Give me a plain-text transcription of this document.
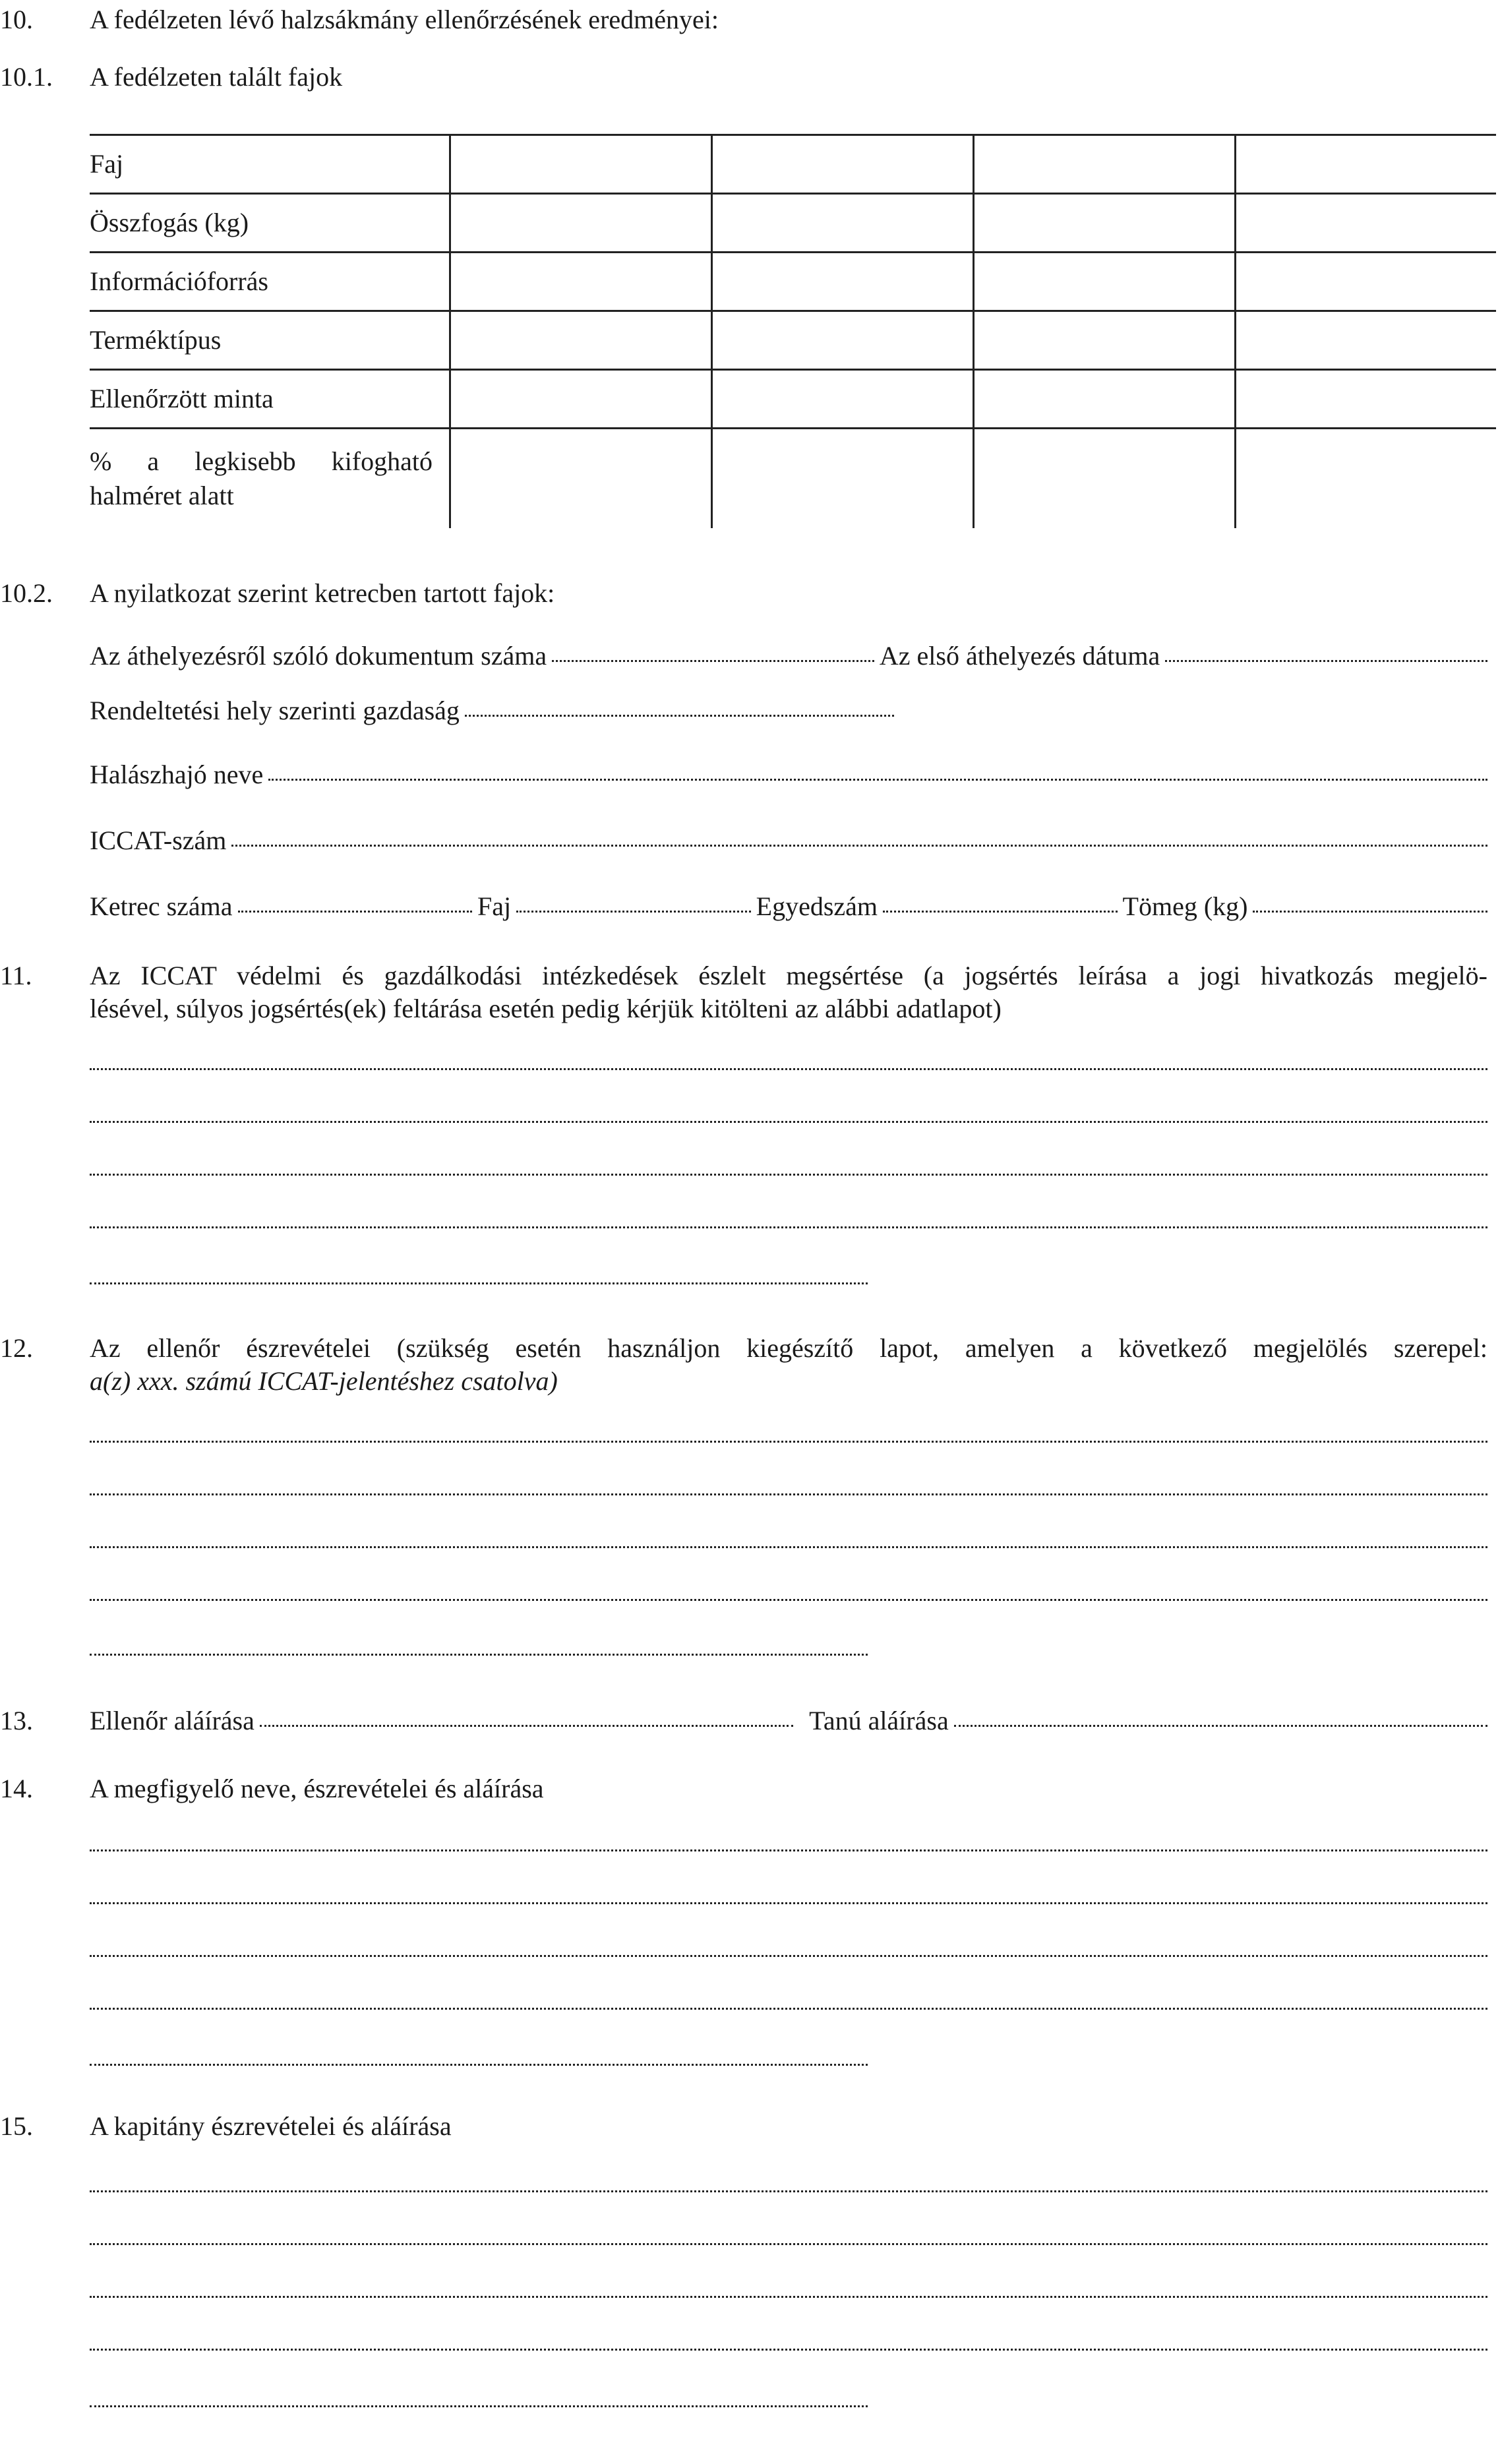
10. A fedélzeten lévő halzsákmány ellenőrzésének eredményei:
10.1. A fedélzeten talált fajok
Faj				
Összfogás (kg)				
Információforrás				
Terméktípus				
Ellenőrzött minta				

% a legkisebb kifogható
halméret alatt				

10.2. A nyilatkozat szerint ketrecben tartott fajok:
Az áthelyezésről szóló dokumentum száma	Az első áthelyezés dátuma
Rendeltetési hely szerinti gazdaság
Halászhajó neve
ICCAT-szám
Ketrec száma	Faj	Egyedszám	Tömeg (kg)
11. Az ICCAT védelmi és gazdálkodási intézkedések észlelt megsértése (a jogsértés leírása a jogi hivatkozás megjelö-
lésével, súlyos jogsértés(ek) feltárása esetén pedig kérjük kitölteni az alábbi adatlapot)
12. Az ellenőr észrevételei (szükség esetén használjon kiegészítő lapot, amelyen a következő megjelölés szerepel:
a(z) xxx. számú ICCAT-jelentéshez csatolva)
13. Ellenőr aláírása	Tanú aláírása
14. A megfigyelő neve, észrevételei és aláírása
15. A kapitány észrevételei és aláírása
